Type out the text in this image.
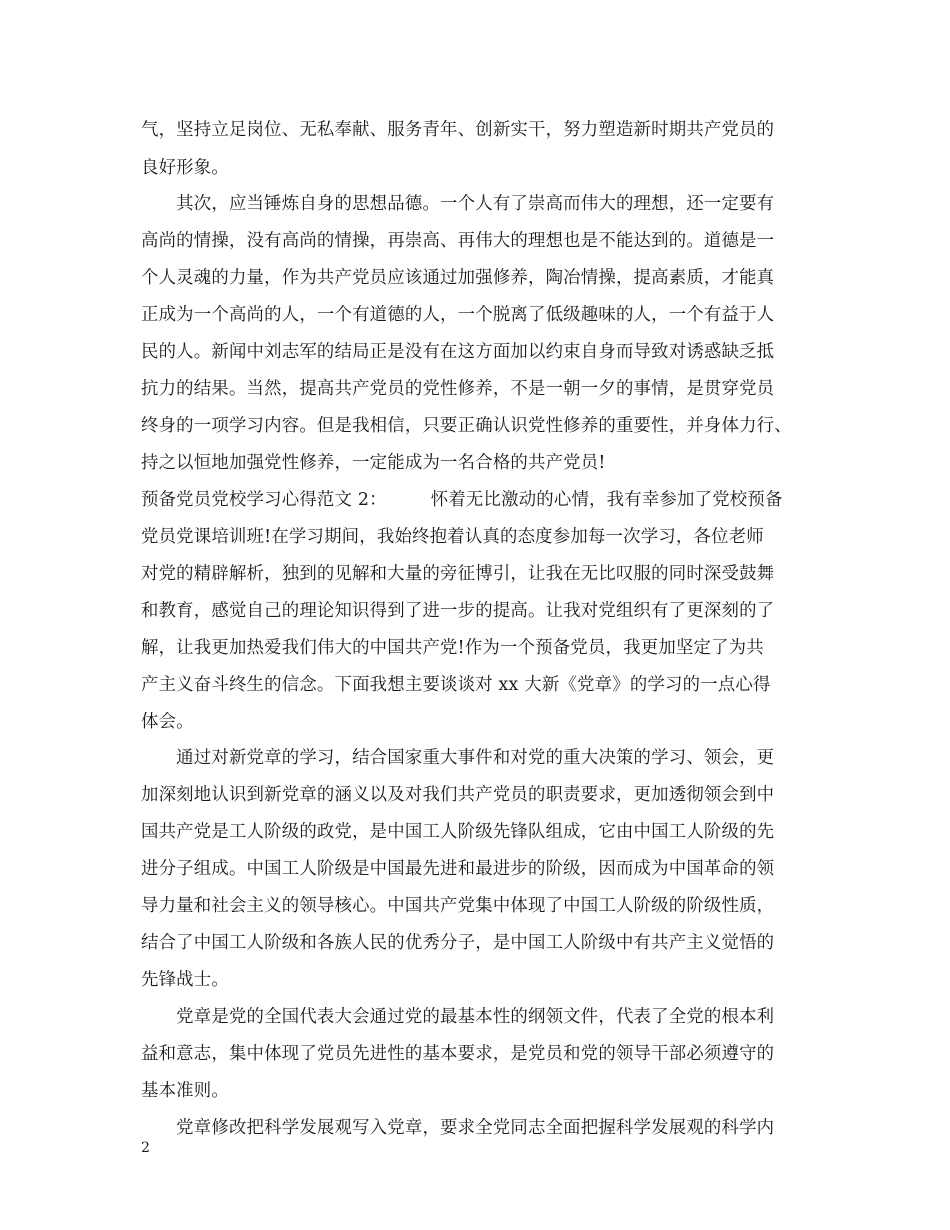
气，坚持立足岗位、无私奉献、服务青年、创新实干，努力塑造新时期共产党员的
良好形象。
　　其次，应当锤炼自身的思想品德。一个人有了崇高而伟大的理想，还一定要有
高尚的情操，没有高尚的情操，再崇高、再伟大的理想也是不能达到的。道德是一
个人灵魂的力量，作为共产党员应该通过加强修养，陶冶情操，提高素质，才能真
正成为一个高尚的人，一个有道德的人，一个脱离了低级趣味的人，一个有益于人
民的人。新闻中刘志军的结局正是没有在这方面加以约束自身而导致对诱惑缺乏抵
抗力的结果。当然，提高共产党员的党性修养，不是一朝一夕的事情，是贯穿党员
终身的一项学习内容。但是我相信，只要正确认识党性修养的重要性，并身体力行、
持之以恒地加强党性修养，一定能成为一名合格的共产党员!
预备党员党校学习心得范文 2：　　　怀着无比激动的心情，我有幸参加了党校预备
党员党课培训班!在学习期间，我始终抱着认真的态度参加每一次学习，各位老师
对党的精辟解析，独到的见解和大量的旁征博引，让我在无比叹服的同时深受鼓舞
和教育，感觉自己的理论知识得到了进一步的提高。让我对党组织有了更深刻的了
解，让我更加热爱我们伟大的中国共产党!作为一个预备党员，我更加坚定了为共
产主义奋斗终生的信念。下面我想主要谈谈对 xx 大新《党章》的学习的一点心得
体会。
　　通过对新党章的学习，结合国家重大事件和对党的重大决策的学习、领会，更
加深刻地认识到新党章的涵义以及对我们共产党员的职责要求，更加透彻领会到中
国共产党是工人阶级的政党，是中国工人阶级先锋队组成，它由中国工人阶级的先
进分子组成。中国工人阶级是中国最先进和最进步的阶级，因而成为中国革命的领
导力量和社会主义的领导核心。中国共产党集中体现了中国工人阶级的阶级性质，
结合了中国工人阶级和各族人民的优秀分子，是中国工人阶级中有共产主义觉悟的
先锋战士。
　　党章是党的全国代表大会通过党的最基本性的纲领文件，代表了全党的根本利
益和意志，集中体现了党员先进性的基本要求，是党员和党的领导干部必须遵守的
基本准则。
　　党章修改把科学发展观写入党章，要求全党同志全面把握科学发展观的科学内
2
